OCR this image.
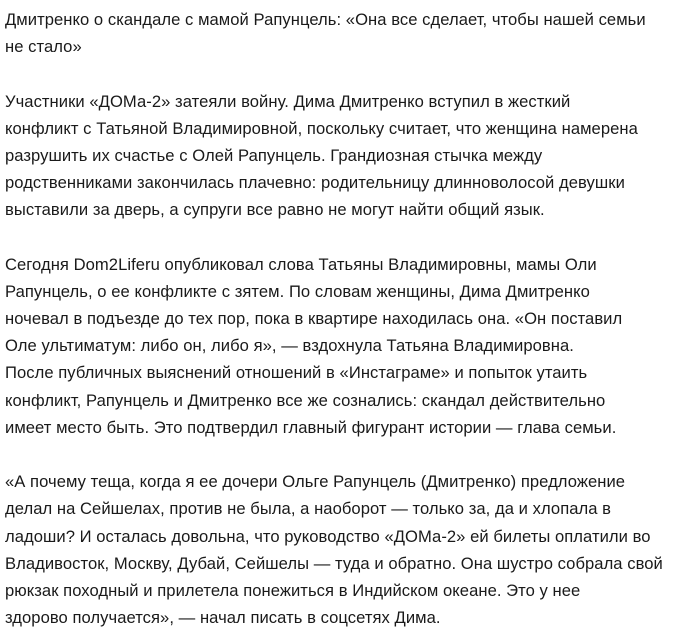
Дмитренко о скандале с мамой Рапунцель: «Она все сделает, чтобы нашей семьи
не стало»
Участники «ДОМа-2» затеяли войну. Дима Дмитренко вступил в жесткий
конфликт с Татьяной Владимировной, поскольку считает, что женщина намерена
разрушить их счастье с Олей Рапунцель. Грандиозная стычка между
родственниками закончилась плачевно: родительницу длинноволосой девушки
выставили за дверь, а супруги все равно не могут найти общий язык.
Сегодня Dom2Liferu опубликовал слова Татьяны Владимировны, мамы Оли
Рапунцель, о ее конфликте с зятем. По словам женщины, Дима Дмитренко
ночевал в подъезде до тех пор, пока в квартире находилась она. «Он поставил
Оле ультиматум: либо он, либо я», — вздохнула Татьяна Владимировна.
После публичных выяснений отношений в «Инстаграме» и попыток утаить
конфликт, Рапунцель и Дмитренко все же сознались: скандал действительно
имеет место быть. Это подтвердил главный фигурант истории — глава семьи.
«А почему теща, когда я ее дочери Ольге Рапунцель (Дмитренко) предложение
делал на Сейшелах, против не была, а наоборот — только за, да и хлопала в
ладоши? И осталась довольна, что руководство «ДОМа-2» ей билеты оплатили во
Владивосток, Москву, Дубай, Сейшелы — туда и обратно. Она шустро собрала свой
рюкзак походный и прилетела понежиться в Индийском океане. Это у нее
здорово получается», — начал писать в соцсетях Дима.
